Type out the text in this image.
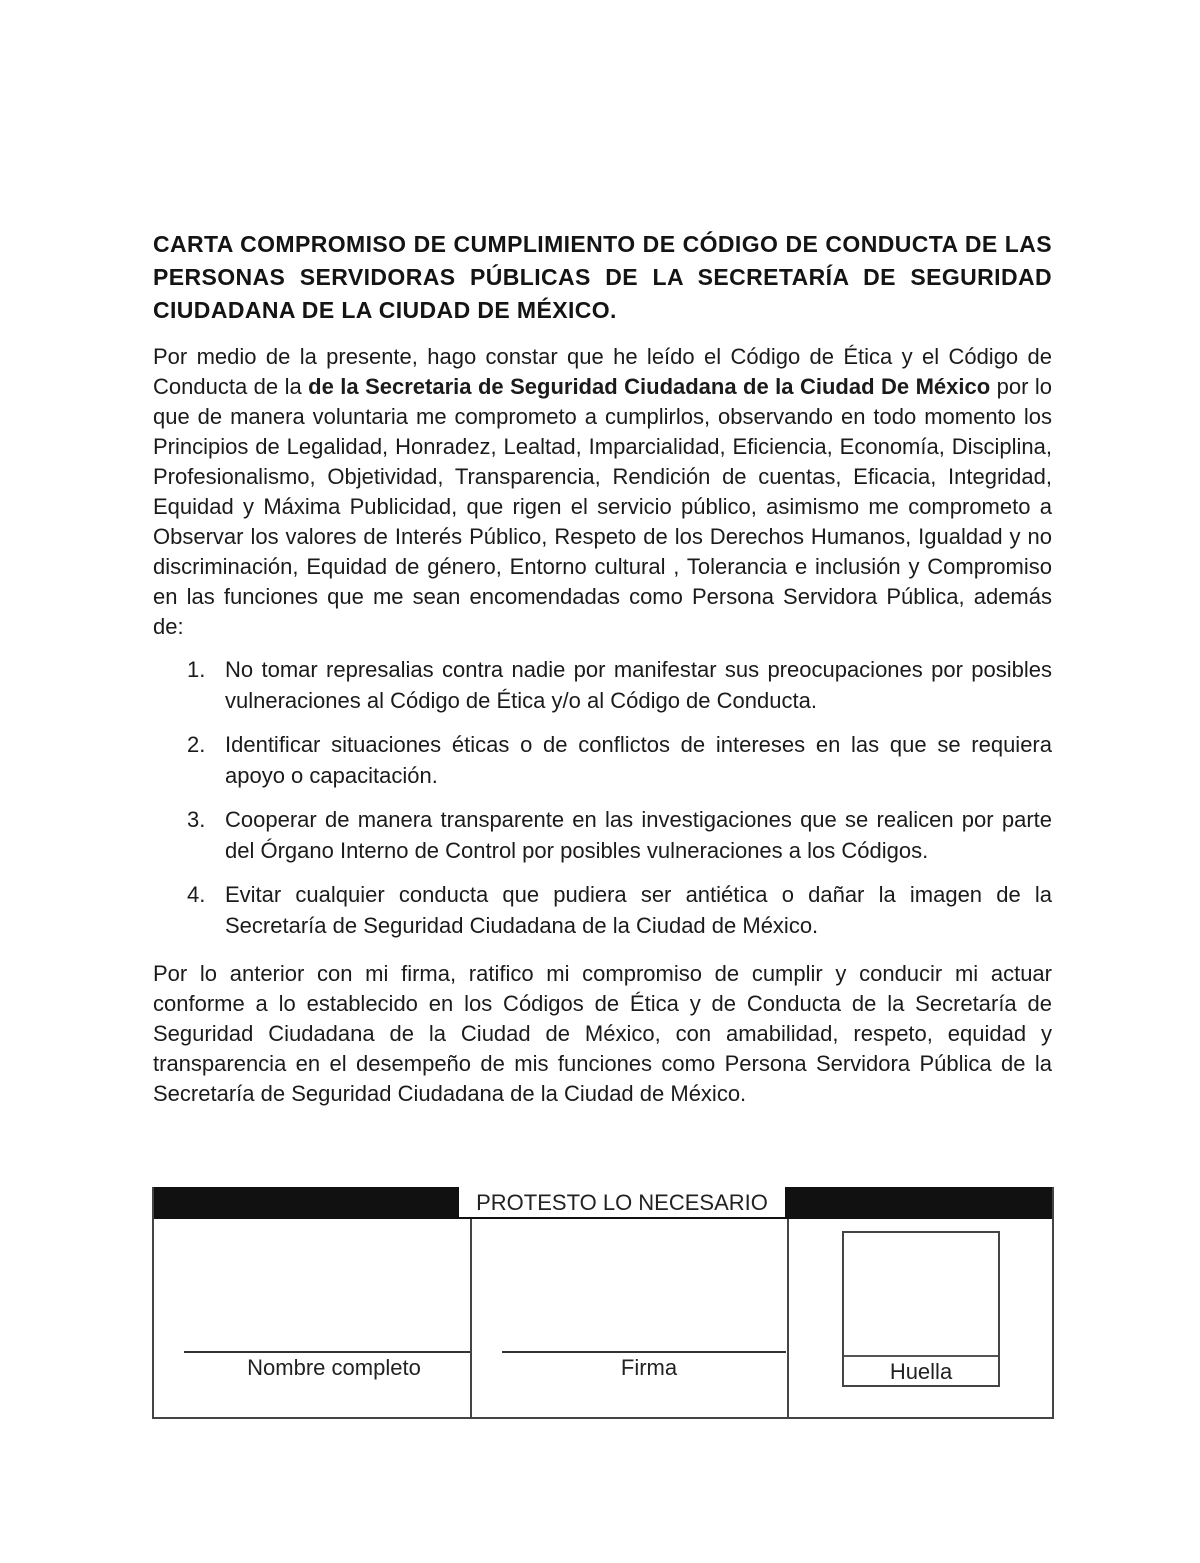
CARTA COMPROMISO DE CUMPLIMIENTO DE CÓDIGO DE CONDUCTA DE LAS PERSONAS SERVIDORAS PÚBLICAS DE LA SECRETARÍA DE SEGURIDAD CIUDADANA DE LA CIUDAD DE MÉXICO.

Por medio de la presente, hago constar que he leído el Código de Ética y el Código de Conducta de la de la Secretaria de Seguridad Ciudadana de la Ciudad De México por lo que de manera voluntaria me comprometo a cumplirlos, observando en todo momento los Principios de Legalidad, Honradez, Lealtad, Imparcialidad, Eficiencia, Economía, Disciplina, Profesionalismo, Objetividad, Transparencia, Rendición de cuentas, Eficacia, Integridad, Equidad y Máxima Publicidad, que rigen el servicio público, asimismo me comprometo a Observar los valores de Interés Público, Respeto de los Derechos Humanos, Igualdad y no discriminación, Equidad de género, Entorno cultural , Tolerancia e inclusión y Compromiso en las funciones que me sean encomendadas como Persona Servidora Pública, además de:

1. No tomar represalias contra nadie por manifestar sus preocupaciones por posibles vulneraciones al Código de Ética y/o al Código de Conducta.
2. Identificar situaciones éticas o de conflictos de intereses en las que se requiera apoyo o capacitación.
3. Cooperar de manera transparente en las investigaciones que se realicen por parte del Órgano Interno de Control por posibles vulneraciones a los Códigos.
4. Evitar cualquier conducta que pudiera ser antiética o dañar la imagen de la Secretaría de Seguridad Ciudadana de la Ciudad de México.

Por lo anterior con mi firma, ratifico mi compromiso de cumplir y conducir mi actuar conforme a lo establecido en los Códigos de Ética y de Conducta de la Secretaría de Seguridad Ciudadana de la Ciudad de México, con amabilidad, respeto, equidad y transparencia en el desempeño de mis funciones como Persona Servidora Pública de la Secretaría de Seguridad Ciudadana de la Ciudad de México.

PROTESTO LO NECESARIO
Nombre completo	Firma	Huella
